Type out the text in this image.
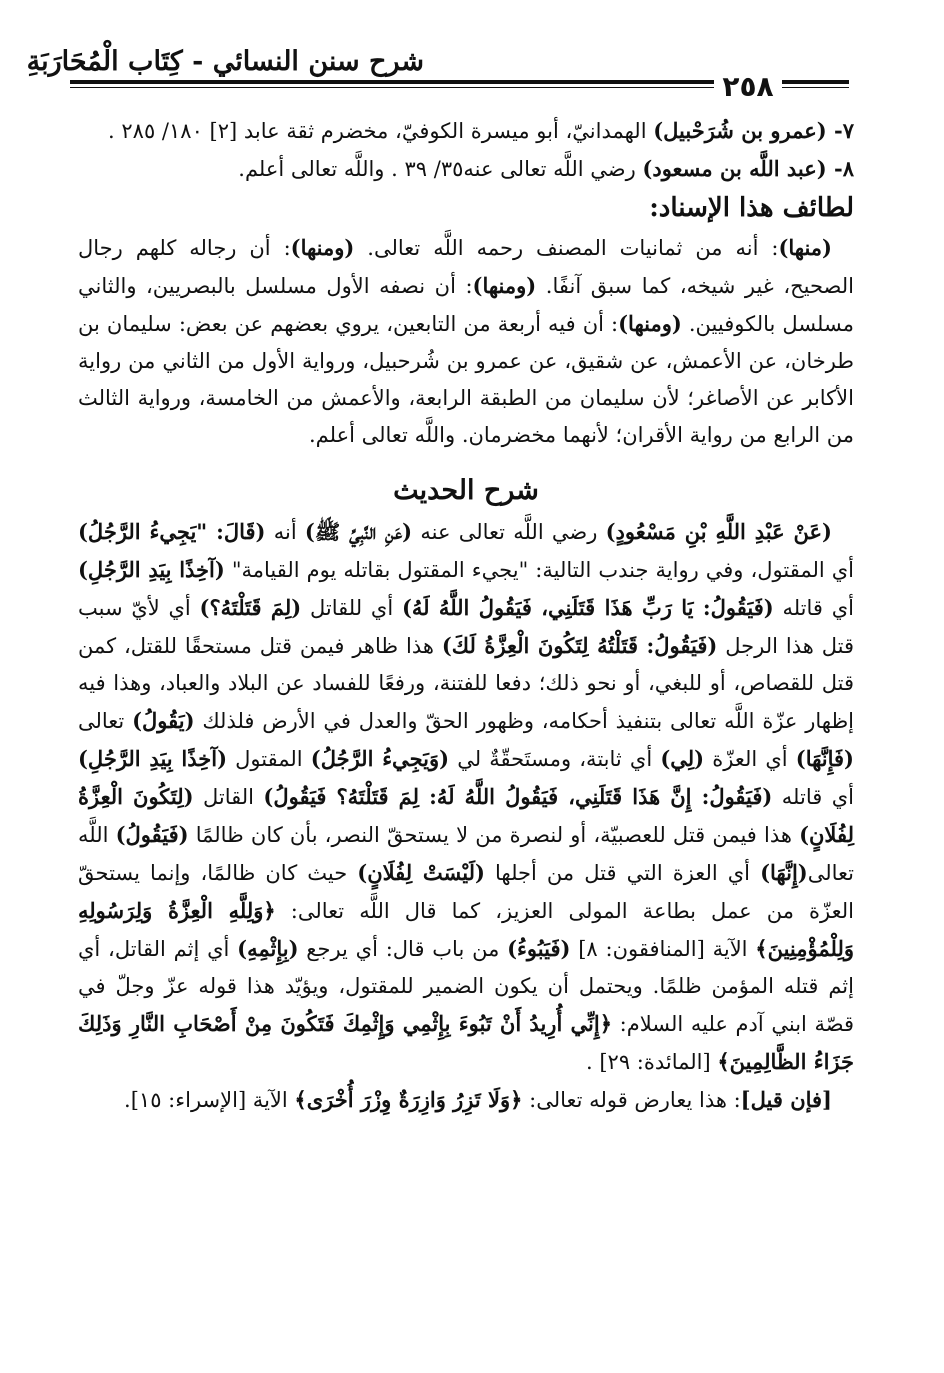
شرح سنن النسائي - كِتَاب الْمُحَارَبَةِ
٢٥٨

٧- (عمرو بن شُرَحْبيل) الهمدانيّ، أبو ميسرة الكوفيّ، مخضرم ثقة عابد [٢] ١٨٠/ ٢٨٥ .

٨- (عبد اللَّه بن مسعود) رضي اللَّه تعالى عنه٣٥/ ٣٩ . واللَّه تعالى أعلم.

لطائف هذا الإسناد:

(منها): أنه من ثمانيات المصنف رحمه اللَّه تعالى. (ومنها): أن رجاله كلهم رجال الصحيح، غير شيخه، كما سبق آنفًا. (ومنها): أن نصفه الأول مسلسل بالبصريين، والثاني مسلسل بالكوفيين. (ومنها): أن فيه أربعة من التابعين، يروي بعضهم عن بعض: سليمان بن طرخان، عن الأعمش، عن شقيق، عن عمرو بن شُرحبيل، ورواية الأول من الثاني من رواية الأكابر عن الأصاغر؛ لأن سليمان من الطبقة الرابعة، والأعمش من الخامسة، ورواية الثالث من الرابع من رواية الأقران؛ لأنهما مخضرمان. واللَّه تعالى أعلم.

شرح الحديث

(عَنْ عَبْدِ اللَّهِ بْنِ مَسْعُودٍ) رضي اللَّه تعالى عنه (عَنِ النَّبِيِّ ﷺ) أنه (قَالَ: "يَجِيءُ الرَّجُلُ) أي المقتول، وفي رواية جندب التالية: "يجيء المقتول بقاتله يوم القيامة" (آخِذًا بِيَدِ الرَّجُلِ) أي قاتله (فَيَقُولُ: يَا رَبِّ هَذَا قَتَلَنِي، فَيَقُولُ اللَّهُ لَهُ) أي للقاتل (لِمَ قَتَلْتَهُ؟) أي لأيّ سبب قتل هذا الرجل (فَيَقُولُ: قَتَلْتُهُ لِتَكُونَ الْعِزَّةُ لَكَ) هذا ظاهر فيمن قتل مستحقًا للقتل، كمن قتل للقصاص، أو للبغي، أو نحو ذلك؛ دفعا للفتنة، ورفعًا للفساد عن البلاد والعباد، وهذا فيه إظهار عزّة اللَّه تعالى بتنفيذ أحكامه، وظهور الحقّ والعدل في الأرض فلذلك (يَقُولُ) تعالى (فَإِنَّهَا) أي العزّة (لِي) أي ثابتة، ومستَحقّةٌ لي (وَيَجِيءُ الرَّجُلُ) المقتول (آخِذًا بِيَدِ الرَّجُلِ) أي قاتله (فَيَقُولُ: إِنَّ هَذَا قَتَلَنِي، فَيَقُولُ اللَّهُ لَهُ: لِمَ قَتَلْتَهُ؟ فَيَقُولُ) القاتل (لِتَكُونَ الْعِزَّةُ لِفُلَانٍ) هذا فيمن قتل للعصبيّة، أو لنصرة من لا يستحقّ النصر، بأن كان ظالمًا (فَيَقُولُ) اللَّه تعالى(إِنَّهَا) أي العزة التي قتل من أجلها (لَيْسَتْ لِفُلَانٍ) حيث كان ظالمًا، وإنما يستحقّ العزّة من عمل بطاعة المولى العزيز، كما قال اللَّه تعالى: ﴿وَلِلَّهِ الْعِزَّةُ وَلِرَسُولِهِ وَلِلْمُؤْمِنِينَ﴾ الآية [المنافقون: ٨] (فَيَبُوءُ) من باب قال: أي يرجع (بِإِثْمِهِ) أي إثم القاتل، أي إثم قتله المؤمن ظلمًا. ويحتمل أن يكون الضمير للمقتول، ويؤيّد هذا قوله عزّ وجلّ في قصّة ابني آدم عليه السلام: ﴿إِنِّي أُرِيدُ أَنْ تَبُوءَ بِإِثْمِي وَإِثْمِكَ فَتَكُونَ مِنْ أَصْحَابِ النَّارِ وَذَلِكَ جَزَاءُ الظَّالِمِينَ﴾ [المائدة: ٢٩] .

[فإن قيل]: هذا يعارض قوله تعالى: ﴿وَلَا تَزِرُ وَازِرَةٌ وِزْرَ أُخْرَى﴾ الآية [الإسراء: ١٥].
